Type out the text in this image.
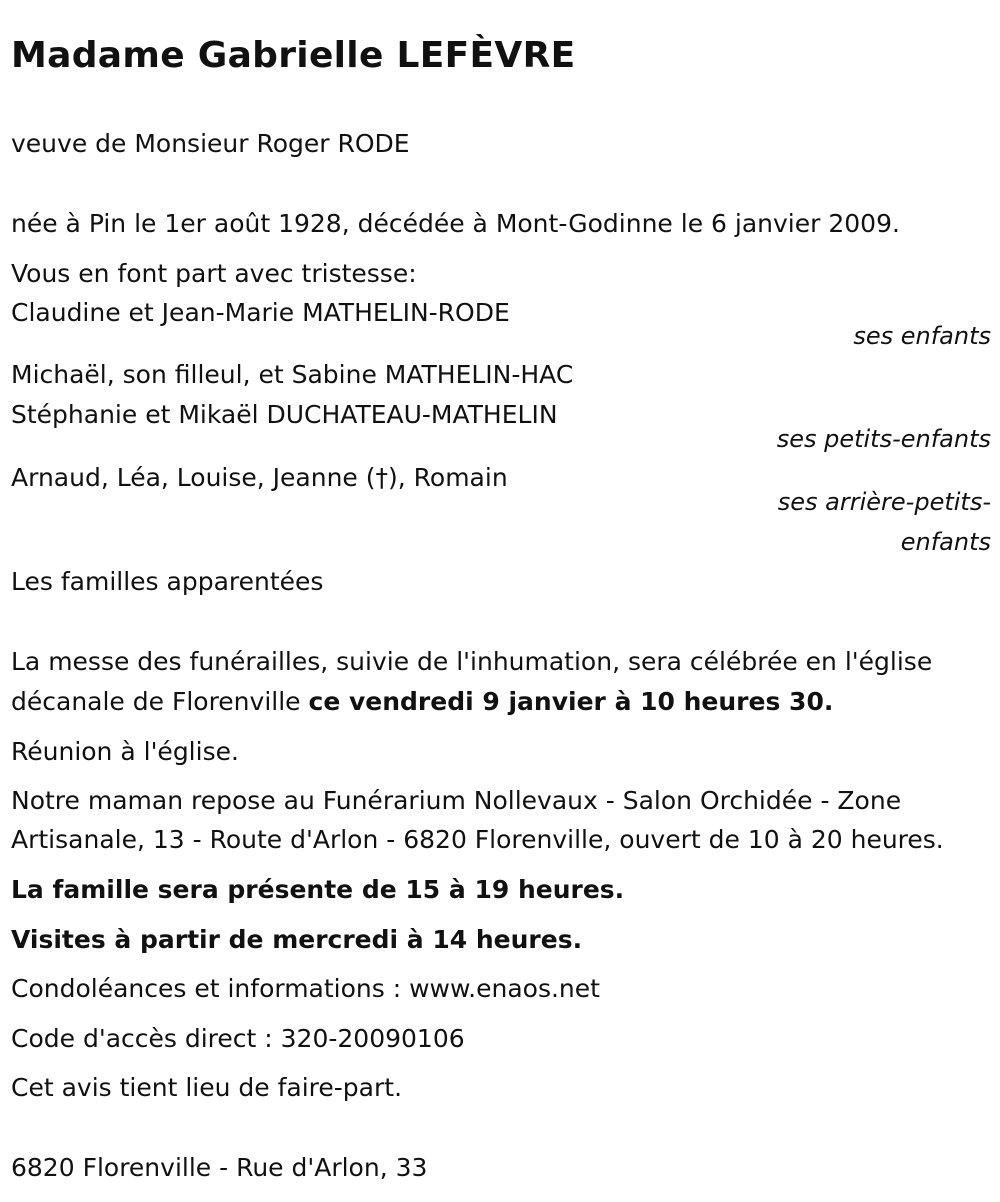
Madame Gabrielle LEFÈVRE
veuve de Monsieur Roger RODE
née à Pin le 1er août 1928, décédée à Mont-Godinne le 6 janvier 2009.
Vous en font part avec tristesse:
Claudine et Jean-Marie MATHELIN-RODE
ses enfants
Michaël, son filleul, et Sabine MATHELIN-HAC
Stéphanie et Mikaël DUCHATEAU-MATHELIN
ses petits-enfants
Arnaud, Léa, Louise, Jeanne (†), Romain
ses arrière-petits-enfants
Les familles apparentées
La messe des funérailles, suivie de l'inhumation, sera célébrée en l'église
décanale de Florenville ce vendredi 9 janvier à 10 heures 30.
Réunion à l'église.
Notre maman repose au Funérarium Nollevaux - Salon Orchidée - Zone
Artisanale, 13 - Route d'Arlon - 6820 Florenville, ouvert de 10 à 20 heures.
La famille sera présente de 15 à 19 heures.
Visites à partir de mercredi à 14 heures.
Condoléances et informations : www.enaos.net
Code d'accès direct : 320-20090106
Cet avis tient lieu de faire-part.
6820 Florenville - Rue d'Arlon, 33
